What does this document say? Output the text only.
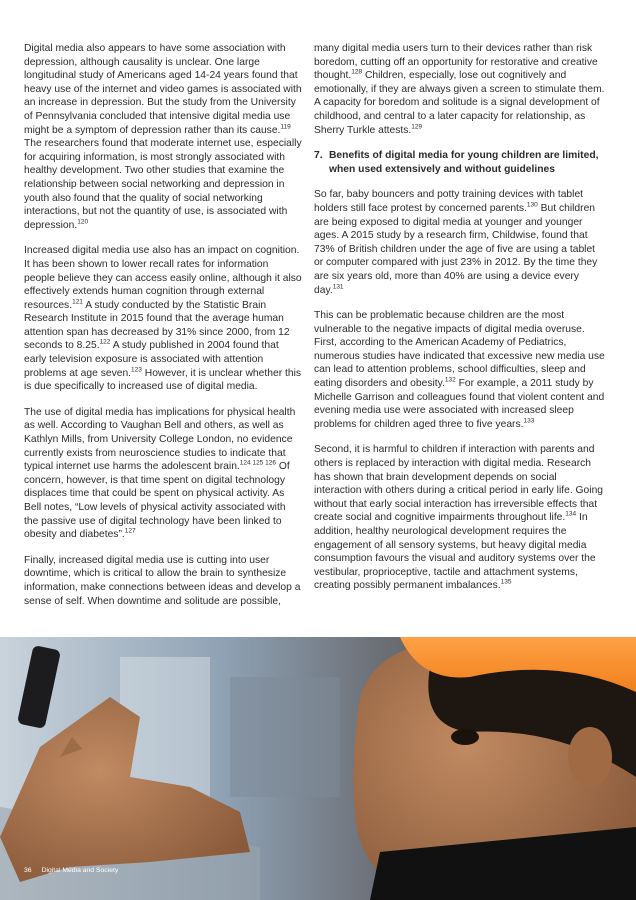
Digital media also appears to have some association with depression, although causality is unclear. One large longitudinal study of Americans aged 14-24 years found that heavy use of the internet and video games is associated with an increase in depression. But the study from the University of Pennsylvania concluded that intensive digital media use might be a symptom of depression rather than its cause.$^{119}$ The researchers found that moderate internet use, especially for acquiring information, is most strongly associated with healthy development. Two other studies that examine the relationship between social networking and depression in youth also found that the quality of social networking interactions, but not the quantity of use, is associated with depression.$^{120}$

Increased digital media use also has an impact on cognition. It has been shown to lower recall rates for information people believe they can access easily online, although it also effectively extends human cognition through external resources.$^{121}$ A study conducted by the Statistic Brain Research Institute in 2015 found that the average human attention span has decreased by 31% since 2000, from 12 seconds to 8.25.$^{122}$ A study published in 2004 found that early television exposure is associated with attention problems at age seven.$^{123}$ However, it is unclear whether this is due specifically to increased use of digital media.

The use of digital media has implications for physical health as well. According to Vaughan Bell and others, as well as Kathlyn Mills, from University College London, no evidence currently exists from neuroscience studies to indicate that typical internet use harms the adolescent brain.$^{124 125 126}$ Of concern, however, is that time spent on digital technology displaces time that could be spent on physical activity. As Bell notes, “Low levels of physical activity associated with the passive use of digital technology have been linked to obesity and diabetes”.$^{127}$

Finally, increased digital media use is cutting into user downtime, which is critical to allow the brain to synthesize information, make connections between ideas and develop a sense of self. When downtime and solitude are possible,

many digital media users turn to their devices rather than risk boredom, cutting off an opportunity for restorative and creative thought.$^{128}$ Children, especially, lose out cognitively and emotionally, if they are always given a screen to stimulate them. A capacity for boredom and solitude is a signal development of childhood, and central to a later capacity for relationship, as Sherry Turkle attests.$^{129}$

7. Benefits of digital media for young children are limited, when used extensively and without guidelines

So far, baby bouncers and potty training devices with tablet holders still face protest by concerned parents.$^{130}$ But children are being exposed to digital media at younger and younger ages. A 2015 study by a research firm, Childwise, found that 73% of British children under the age of five are using a tablet or computer compared with just 23% in 2012. By the time they are six years old, more than 40% are using a device every day.$^{131}$

This can be problematic because children are the most vulnerable to the negative impacts of digital media overuse. First, according to the American Academy of Pediatrics, numerous studies have indicated that excessive new media use can lead to attention problems, school difficulties, sleep and eating disorders and obesity.$^{132}$ For example, a 2011 study by Michelle Garrison and colleagues found that violent content and evening media use were associated with increased sleep problems for children aged three to five years.$^{133}$

Second, it is harmful to children if interaction with parents and others is replaced by interaction with digital media. Research has shown that brain development depends on social interaction with others during a critical period in early life. Going without that early social interaction has irreversible effects that create social and cognitive impairments throughout life.$^{134}$ In addition, healthy neurological development requires the engagement of all sensory systems, but heavy digital media consumption favours the visual and auditory systems over the vestibular, proprioceptive, tactile and attachment systems, creating possibly permanent imbalances.$^{135}$

36 Digital Media and Society
